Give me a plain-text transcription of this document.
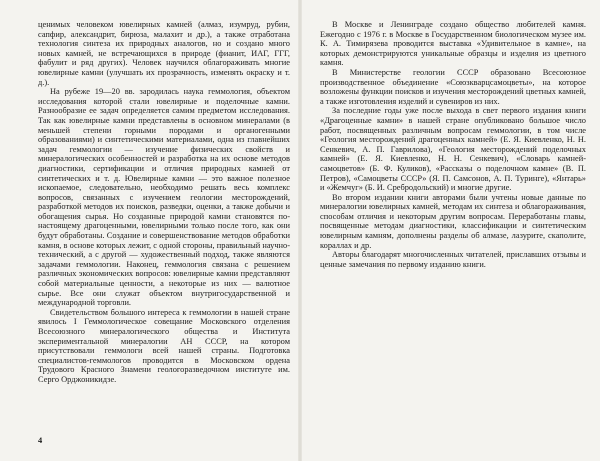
ценимых человеком ювелирных камней (алмаз, изумруд, рубин, сапфир, александрит, бирюза, малахит и др.), а также отработана технология синтеза их природных аналогов, но и создано много новых камней, не встречающихся в природе (фианит, ИАГ, ГГГ, фабулит и ряд других). Человек научился облагораживать многие ювелирные камни (улучшать их прозрачность, изменять окраску и т. д.).

На рубеже 19—20 вв. зародилась наука геммология, объектом исследования которой стали ювелирные и поделочные камни. Разнообразие ее задач определяется самим предметом исследования. Так как ювелирные камни представлены в основном минералами (в меньшей степени горными породами и органогенными образованиями) и синтетическими материалами, одна из главнейших задач геммологии — изучение физических свойств и минералогических особенностей и разработка на их основе методов диагностики, сертификации и отличия природных камней от синтетических и т. д. Ювелирные камни — это важное полезное ископаемое, следовательно, необходимо решать весь комплекс вопросов, связанных с изучением геологии месторождений, разработкой методов их поисков, разведки, оценки, а также добычи и обогащения сырья. Но созданные природой камни становятся по-настоящему драгоценными, ювелирными только после того, как они будут обработаны. Создание и совершенствование методов обработки камня, в основе которых лежит, с одной стороны, правильный научно-технический, а с другой — художественный подход, также являются задачами геммологии. Наконец, геммология связана с решением различных экономических вопросов: ювелирные камни представляют собой материальные ценности, а некоторые из них — валютное сырье. Все они служат объектом внутригосударственной и международной торговли.

Свидетельством большого интереса к геммологии в нашей стране явилось I Геммологическое совещание Московского отделения Всесоюзного минералогического общества и Института экспериментальной минералогии АН СССР, на котором присутствовали геммологи всей нашей страны. Подготовка специалистов-геммологов проводится в Московском ордена Трудового Красного Знамени геологоразведочном институте им. Серго Орджоникидзе.

4

В Москве и Ленинграде создано общество любителей камня. Ежегодно с 1976 г. в Москве в Государственном биологическом музее им. К. А. Тимирязева проводится выставка «Удивительное в камне», на которых демонстрируются уникальные образцы и изделия из цветного камня.

В Министерстве геологии СССР образовано Всесоюзное производственное объединение «Союзкварцсамоцветы», на которое возложены функции поисков и изучения месторождений цветных камней, а также изготовления изделий и сувениров из них.

За последние годы уже после выхода в свет первого издания книги «Драгоценные камни» в нашей стране опубликовано большое число работ, посвященных различным вопросам геммологии, в том числе «Геология месторождений драгоценных камней» (Е. Я. Киевленко, Н. Н. Сенкевич, А. П. Гаврилова), «Геология месторождений поделочных камней» (Е. Я. Киевленко, Н. Н. Сенкевич), «Словарь камней-самоцветов» (Б. Ф. Куликов), «Рассказы о поделочном камне» (В. П. Петров), «Самоцветы СССР» (Я. П. Самсонов, А. П. Туринге), «Янтарь» и «Жемчуг» (Б. И. Сребродольский) и многие другие.

Во втором издании книги авторами были учтены новые данные по минералогии ювелирных камней, методам их синтеза и облагораживания, способам отличия и некоторым другим вопросам. Переработаны главы, посвященные методам диагностики, классификации и синтетическим ювелирным камням, дополнены разделы об алмазе, лазурите, скаполите, кораллах и др.

Авторы благодарят многочисленных читателей, приславших отзывы и ценные замечания по первому изданию книги.
